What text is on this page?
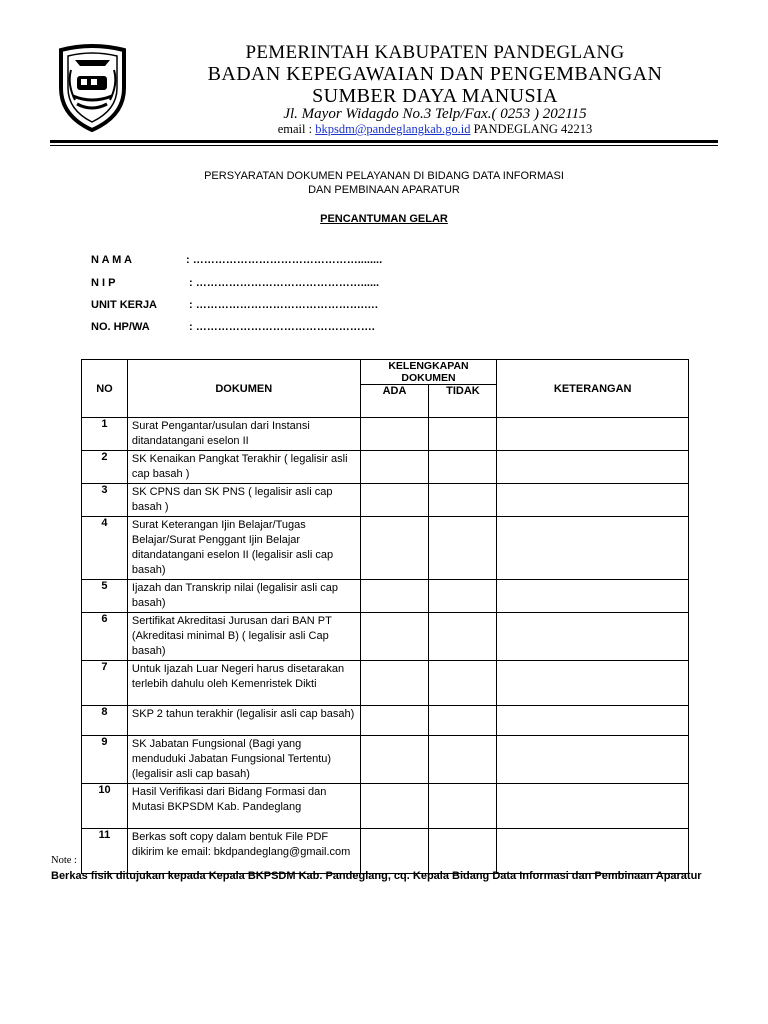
PEMERINTAH KABUPATEN PANDEGLANG
BADAN KEPEGAWAIAN DAN PENGEMBANGAN
SUMBER DAYA MANUSIA
Jl. Mayor Widagdo No.3 Telp/Fax.( 0253 ) 202115
email : bkpsdm@pandeglangkab.go.id PANDEGLANG 42213
PERSYARATAN DOKUMEN PELAYANAN DI BIDANG DATA INFORMASI
DAN PEMBINAAN APARATUR
PENCANTUMAN GELAR
N A M A	: ………………………………………........
N I P	: ………………………………………......
UNIT KERJA	: ……………………………………….….
NO. HP/WA	: ………………………………………….
NO	DOKUMEN	KELENGKAPAN DOKUMEN		KETERANGAN
		ADA	TIDAK	
1	Surat Pengantar/usulan dari Instansi ditandatangani eselon II			
2	SK Kenaikan Pangkat Terakhir ( legalisir asli cap basah )			
3	SK CPNS dan SK PNS ( legalisir asli cap basah )			
4	Surat Keterangan Ijin Belajar/Tugas Belajar/Surat Penggant Ijin Belajar ditandatangani eselon II (legalisir asli cap basah)			
5	Ijazah dan Transkrip nilai (legalisir asli cap basah)			
6	Sertifikat Akreditasi Jurusan dari BAN PT (Akreditasi minimal B) ( legalisir asli Cap basah)			
7	Untuk Ijazah Luar Negeri harus disetarakan terlebih dahulu oleh Kemenristek Dikti			
8	SKP 2 tahun terakhir (legalisir asli cap basah)			
9	SK Jabatan Fungsional (Bagi yang menduduki Jabatan Fungsional Tertentu) (legalisir asli cap basah)			
10	Hasil Verifikasi dari Bidang Formasi dan Mutasi BKPSDM Kab. Pandeglang			
11	Berkas soft copy dalam bentuk File PDF dikirim ke email: bkdpandeglang@gmail.com			
Note :
Berkas fisik ditujukan kepada Kepala BKPSDM Kab. Pandeglang, cq. Kepala Bidang Data Informasi dan Pembinaan Aparatur
